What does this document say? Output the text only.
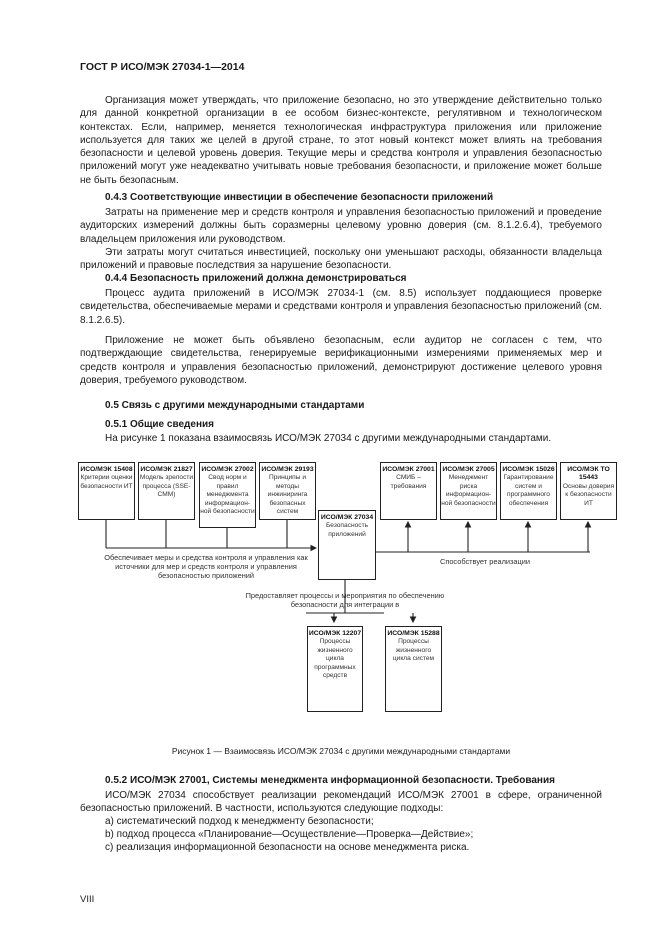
ГОСТ Р ИСО/МЭК 27034-1—2014
Организация может утверждать, что приложение безопасно, но это утверждение действительно только для данной конкретной организации в ее особом бизнес-контексте, регулятивном и технологическом контекстах. Если, например, меняется технологическая инфраструктура приложения или приложение используется для таких же целей в другой стране, то этот новый контекст может влиять на требования безопасности и целевой уровень доверия. Текущие меры и средства контроля и управления безопасностью приложений могут уже неадекватно учитывать новые требования безопасности, и приложение может больше не быть безопасным.
0.4.3 Соответствующие инвестиции в обеспечение безопасности приложений
Затраты на применение мер и средств контроля и управления безопасностью приложений и проведение аудиторских измерений должны быть соразмерны целевому уровню доверия (см. 8.1.2.6.4), требуемого владельцем приложения или руководством.
Эти затраты могут считаться инвестицией, поскольку они уменьшают расходы, обязанности владельца приложений и правовые последствия за нарушение безопасности.
0.4.4 Безопасность приложений должна демонстрироваться
Процесс аудита приложений в ИСО/МЭК 27034-1 (см. 8.5) использует поддающиеся проверке свидетельства, обеспечиваемые мерами и средствами контроля и управления безопасностью приложений (см. 8.1.2.6.5).
Приложение не может быть объявлено безопасным, если аудитор не согласен с тем, что подтверждающие свидетельства, генерируемые верификационными измерениями применяемых мер и средств контроля и управления безопасностью приложений, демонстрируют достижение целевого уровня доверия, требуемого руководством.
0.5 Связь с другими международными стандартами
0.5.1 Общие сведения
На рисунке 1 показана взаимосвязь ИСО/МЭК 27034 с другими международными стандартами.
ИСО/МЭК 15408
Критерии оценки безопасности ИТ
ИСО/МЭК 21827
Модель зрелости процесса (SSE-CMM)
ИСО/МЭК 27002
Свод норм и правил менеджмента информацион-ной безопасности
ИСО/МЭК 29193
Принципы и методы инжиниринга безопасных систем
ИСО/МЭК 27034
Безопасность приложений
ИСО/МЭК 27001
СМИБ – требования
ИСО/МЭК 27005
Менеджмент риска информацион-ной безопасности
ИСО/МЭК 15026
Гарантирование систем и программного обеспечения
ИСО/МЭК ТО 15443
Основы доверия к безопасности ИТ
ИСО/МЭК 12207
Процессы жизненного цикла программных средств
ИСО/МЭК 15288
Процессы жизненного цикла систем
Обеспечивает меры и средства контроля и управления как источники для мер и средств контроля и управления безопасностью приложений
Способствует реализации
Предоставляет процессы и мероприятия по обеспечению безопасности для интеграции в
Рисунок 1 — Взаимосвязь ИСО/МЭК 27034 с другими международными стандартами
0.5.2 ИСО/МЭК 27001, Системы менеджмента информационной безопасности. Требования
ИСО/МЭК 27034 способствует реализации рекомендаций ИСО/МЭК 27001 в сфере, ограниченной безопасностью приложений. В частности, используются следующие подходы:
a) систематический подход к менеджменту безопасности;
b) подход процесса «Планирование—Осуществление—Проверка—Действие»;
c) реализация информационной безопасности на основе менеджмента риска.
VIII
